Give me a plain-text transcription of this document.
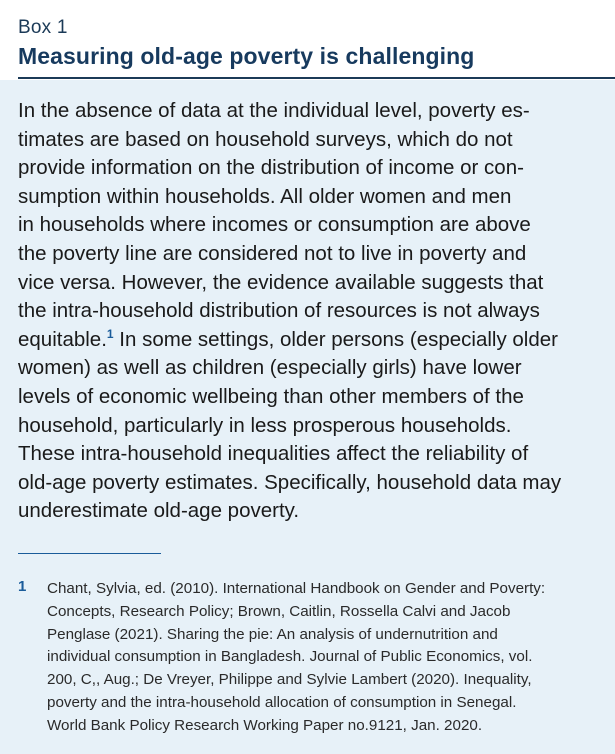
Box 1
Measuring old-age poverty is challenging
In the absence of data at the individual level, poverty es-
timates are based on household surveys, which do not
provide information on the distribution of income or con-
sumption within households. All older women and men
in households where incomes or consumption are above
the poverty line are considered not to live in poverty and
vice versa. However, the evidence available suggests that
the intra-household distribution of resources is not always
equitable.$^1$ In some settings, older persons (especially older
women) as well as children (especially girls) have lower
levels of economic wellbeing than other members of the
household, particularly in less prosperous households.
These intra-household inequalities affect the reliability of
old-age poverty estimates. Specifically, household data may
underestimate old-age poverty.
1 Chant, Sylvia, ed. (2010). International Handbook on Gender and Poverty:
Concepts, Research Policy; Brown, Caitlin, Rossella Calvi and Jacob
Penglase (2021). Sharing the pie: An analysis of undernutrition and
individual consumption in Bangladesh. Journal of Public Economics, vol.
200, C,, Aug.; De Vreyer, Philippe and Sylvie Lambert (2020). Inequality,
poverty and the intra-household allocation of consumption in Senegal.
World Bank Policy Research Working Paper no.9121, Jan. 2020.
